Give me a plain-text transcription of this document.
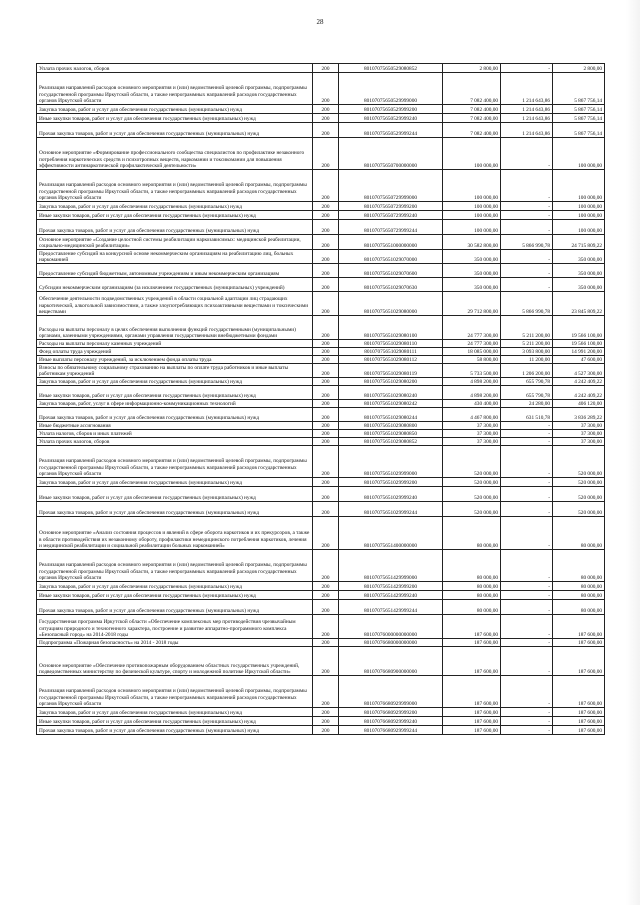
28
Уплата прочих налогов, сборов	200	80107075650529080852	2 800,00	-	2 800,00
Реализация направлений расходов основного мероприятия и (или) ведомственной целевой программы, подпрограммы государственной программы Иркутской области, а также непрограммных направлений расходов государственных органов Иркутской области	200	80107075650529999000	7 082 400,00	1 214 643,86	5 867 756,14
Закупка товаров, работ и услуг для обеспечения государственных (муниципальных) нужд	200	80107075650529999200	7 082 400,00	1 214 643,86	5 867 756,14
Иные закупки товаров, работ и услуг для обеспечения государственных (муниципальных) нужд	200	80107075650529999240	7 082 400,00	1 214 643,86	5 867 756,14
Прочая закупка товаров, работ и услуг для обеспечения государственных (муниципальных) нужд	200	80107075650529999244	7 082 400,00	1 214 643,86	5 867 756,14
Основное мероприятие «Формирование профессионального сообщества специалистов по профилактике незаконного потребления наркотических средств и психотропных веществ, наркомании и токсикомании для повышения эффективности антинаркотической профилактической деятельности»	200	80107075650700000000	100 000,00	-	100 000,00
Реализация направлений расходов основного мероприятия и (или) ведомственной целевой программы, подпрограммы государственной программы Иркутской области, а также непрограммных направлений расходов государственных органов Иркутской области	200	80107075650729999000	100 000,00	-	100 000,00
Закупка товаров, работ и услуг для обеспечения государственных (муниципальных) нужд	200	80107075650729999200	100 000,00	-	100 000,00
Иные закупки товаров, работ и услуг для обеспечения государственных (муниципальных) нужд	200	80107075650729999240	100 000,00	-	100 000,00
Прочая закупка товаров, работ и услуг для обеспечения государственных (муниципальных) нужд	200	80107075650729999244	100 000,00	-	100 000,00
Основное мероприятие «Создание целостной системы реабилитации наркозависимых: медицинской реабилитации, социально-медицинской реабилитации»	200	80107075651000000000	30 582 800,00	5 866 990,78	24 715 809,22
Предоставление субсидий на конкурсной основе некоммерческим организациям на реабилитацию лиц, больных наркоманией	200	80107075651029070000	350 000,00	-	350 000,00
Предоставление субсидий бюджетным, автономным учреждениям и иным некоммерческим организациям	200	80107075651029070600	350 000,00	-	350 000,00
Субсидии некоммерческим организациям (за исключением государственных (муниципальных) учреждений)	200	80107075651029070630	350 000,00	-	350 000,00
Обеспечение деятельности подведомственных учреждений в области социальной адаптации лиц страдающих наркотической, алкогольной зависимостями, а также злоупотребляющих психоактивными веществами и токсическими веществами	200	80107075651029080000	29 712 800,00	5 866 990,78	23 845 809,22
Расходы на выплаты персоналу в целях обеспечения выполнения функций государственными (муниципальными) органами, казенными учреждениями, органами управления государственными внебюджетными фондами	200	80107075651029080100	24 777 300,00	5 211 200,00	19 566 100,00
Расходы на выплаты персоналу казенных учреждений	200	80107075651029080110	24 777 300,00	5 211 200,00	19 566 100,00
Фонд оплаты труда учреждений	200	80107075651029080111	18 085 000,00	3 093 800,00	14 991 200,00
Иные выплаты персоналу учреждений, за исключением фонда оплаты труда	200	80107075651029080112	58 800,00	11 200,00	47 600,00
Взносы по обязательному социальному страхованию на выплаты по оплате труда работников и иные выплаты работникам учреждений	200	80107075651029080119	5 733 500,00	1 206 200,00	4 527 300,00
Закупка товаров, работ и услуг для обеспечения государственных (муниципальных) нужд	200	80107075651029080200	4 898 200,00	655 790,78	4 242 409,22
Иные закупки товаров, работ и услуг для обеспечения государственных (муниципальных) нужд	200	80107075651029080240	4 898 200,00	655 790,78	4 242 409,22
Закупка товаров, работ, услуг в сфере информационно-коммуникационных технологий	200	80107075651029080242	430 400,00	24 280,00	406 120,00
Прочая закупка товаров, работ и услуг для обеспечения государственных (муниципальных) нужд	200	80107075651029080244	4 467 800,00	631 510,78	3 836 289,22
Иные бюджетные ассигнования	200	80107075651029080800	37 300,00	-	37 300,00
Уплата налогов, сборов и иных платежей	200	80107075651029080850	37 300,00	-	37 300,00
Уплата прочих налогов, сборов	200	80107075651029080852	37 300,00	-	37 300,00
Реализация направлений расходов основного мероприятия и (или) ведомственной целевой программы, подпрограммы государственной программы Иркутской области, а также непрограммных направлений расходов государственных органов Иркутской области	200	80107075651029999000	520 000,00	-	520 000,00
Закупка товаров, работ и услуг для обеспечения государственных (муниципальных) нужд	200	80107075651029999200	520 000,00	-	520 000,00
Иные закупки товаров, работ и услуг для обеспечения государственных (муниципальных) нужд	200	80107075651029999240	520 000,00	-	520 000,00
Прочая закупка товаров, работ и услуг для обеспечения государственных (муниципальных) нужд	200	80107075651029999244	520 000,00	-	520 000,00
Основное мероприятие «Анализ состояния процессов и явлений в сфере оборота наркотиков и их прекурсоров, а также в области противодействия их незаконному обороту, профилактики немедицинского потребления наркотиков, лечения и медицинской реабилитации и социальной реабилитации больных наркоманией»	200	80107075651400000000	80 000,00	-	80 000,00
Реализация направлений расходов основного мероприятия и (или) ведомственной целевой программы, подпрограммы государственной программы Иркутской области, а также непрограммных направлений расходов государственных органов Иркутской области	200	80107075651429999000	80 000,00	-	80 000,00
Закупка товаров, работ и услуг для обеспечения государственных (муниципальных) нужд	200	80107075651429999200	80 000,00	-	80 000,00
Иные закупки товаров, работ и услуг для обеспечения государственных (муниципальных) нужд	200	80107075651429999240	80 000,00	-	80 000,00
Прочая закупка товаров, работ и услуг для обеспечения государственных (муниципальных) нужд	200	80107075651429999244	80 000,00	-	80 000,00
Государственная программа Иркутской области «Обеспечение комплексных мер противодействия чрезвычайным ситуациям природного и техногенного характера, построение и развитие аппаратно-программного комплекса «Безопасный город» на 2014-2018 годы	200	80107076000000000000	187 600,00	-	187 600,00
Подпрограмма «Пожарная безопасность» на 2014 - 2018 годы	200	80107076680000000000	187 600,00	-	187 600,00
Основное мероприятие «Обеспечение противопожарным оборудованием областных государственных учреждений, подведомственных министерству по физической культуре, спорту и молодежной политике Иркутской области»	200	80107076680900000000	187 600,00	-	187 600,00
Реализация направлений расходов основного мероприятия и (или) ведомственной целевой программы, подпрограммы государственной программы Иркутской области, а также непрограммных направлений расходов государственных органов Иркутской области	200	80107076680929999000	187 600,00	-	187 600,00
Закупка товаров, работ и услуг для обеспечения государственных (муниципальных) нужд	200	80107076680929999200	187 600,00	-	187 600,00
Иные закупки товаров, работ и услуг для обеспечения государственных (муниципальных) нужд	200	80107076680929999240	187 600,00	-	187 600,00
Прочая закупка товаров, работ и услуг для обеспечения государственных (муниципальных) нужд	200	80107076680929999244	187 600,00	-	187 600,00
